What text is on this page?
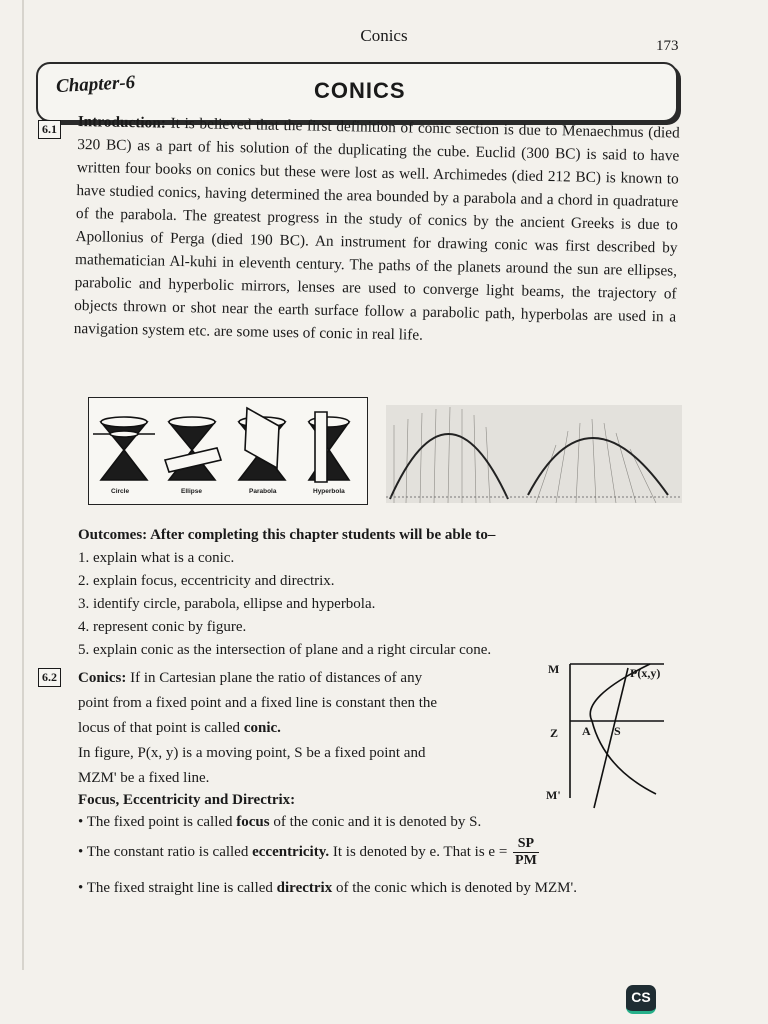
Conics
173
Chapter-6	CONICS
6.1 Introduction: It is believed that the first definition of conic section is due to Menaechmus (died 320 BC) as a part of his solution of the duplicating the cube. Euclid (300 BC) is said to have written four books on conics but these were lost as well. Archimedes (died 212 BC) is known to have studied conics, having determined the area bounded by a parabola and a chord in quadrature of the parabola. The greatest progress in the study of conics by the ancient Greeks is due to Apollonius of Perga (died 190 BC). An instrument for drawing conic was first described by mathematician Al-kuhi in eleventh century. The paths of the planets around the sun are ellipses, parabolic and hyperbolic mirrors, lenses are used to converge light beams, the trajectory of objects thrown or shot near the earth surface follow a parabolic path, hyperbolas are used in a navigation system etc. are some uses of conic in real life.
Circle	Ellipse	Parabola	Hyperbola
Outcomes: After completing this chapter students will be able to–
1. explain what is a conic.
2. explain focus, eccentricity and directrix.
3. identify circle, parabola, ellipse and hyperbola.
4. represent conic by figure.
5. explain conic as the intersection of plane and a right circular cone.
6.2 Conics: If in Cartesian plane the ratio of distances of any
point from a fixed point and a fixed line is constant then the
locus of that point is called conic.
In figure, P(x, y) is a moving point, S be a fixed point and
MZM' be a fixed line.
M	P(x,y)
Z A S
M'
Focus, Eccentricity and Directrix:
• The fixed point is called focus of the conic and it is denoted by S.
• The constant ratio is called eccentricity. It is denoted by e. That is $e = \frac{SP}{PM}$
• The fixed straight line is called directrix of the conic which is denoted by MZM'.
CS
